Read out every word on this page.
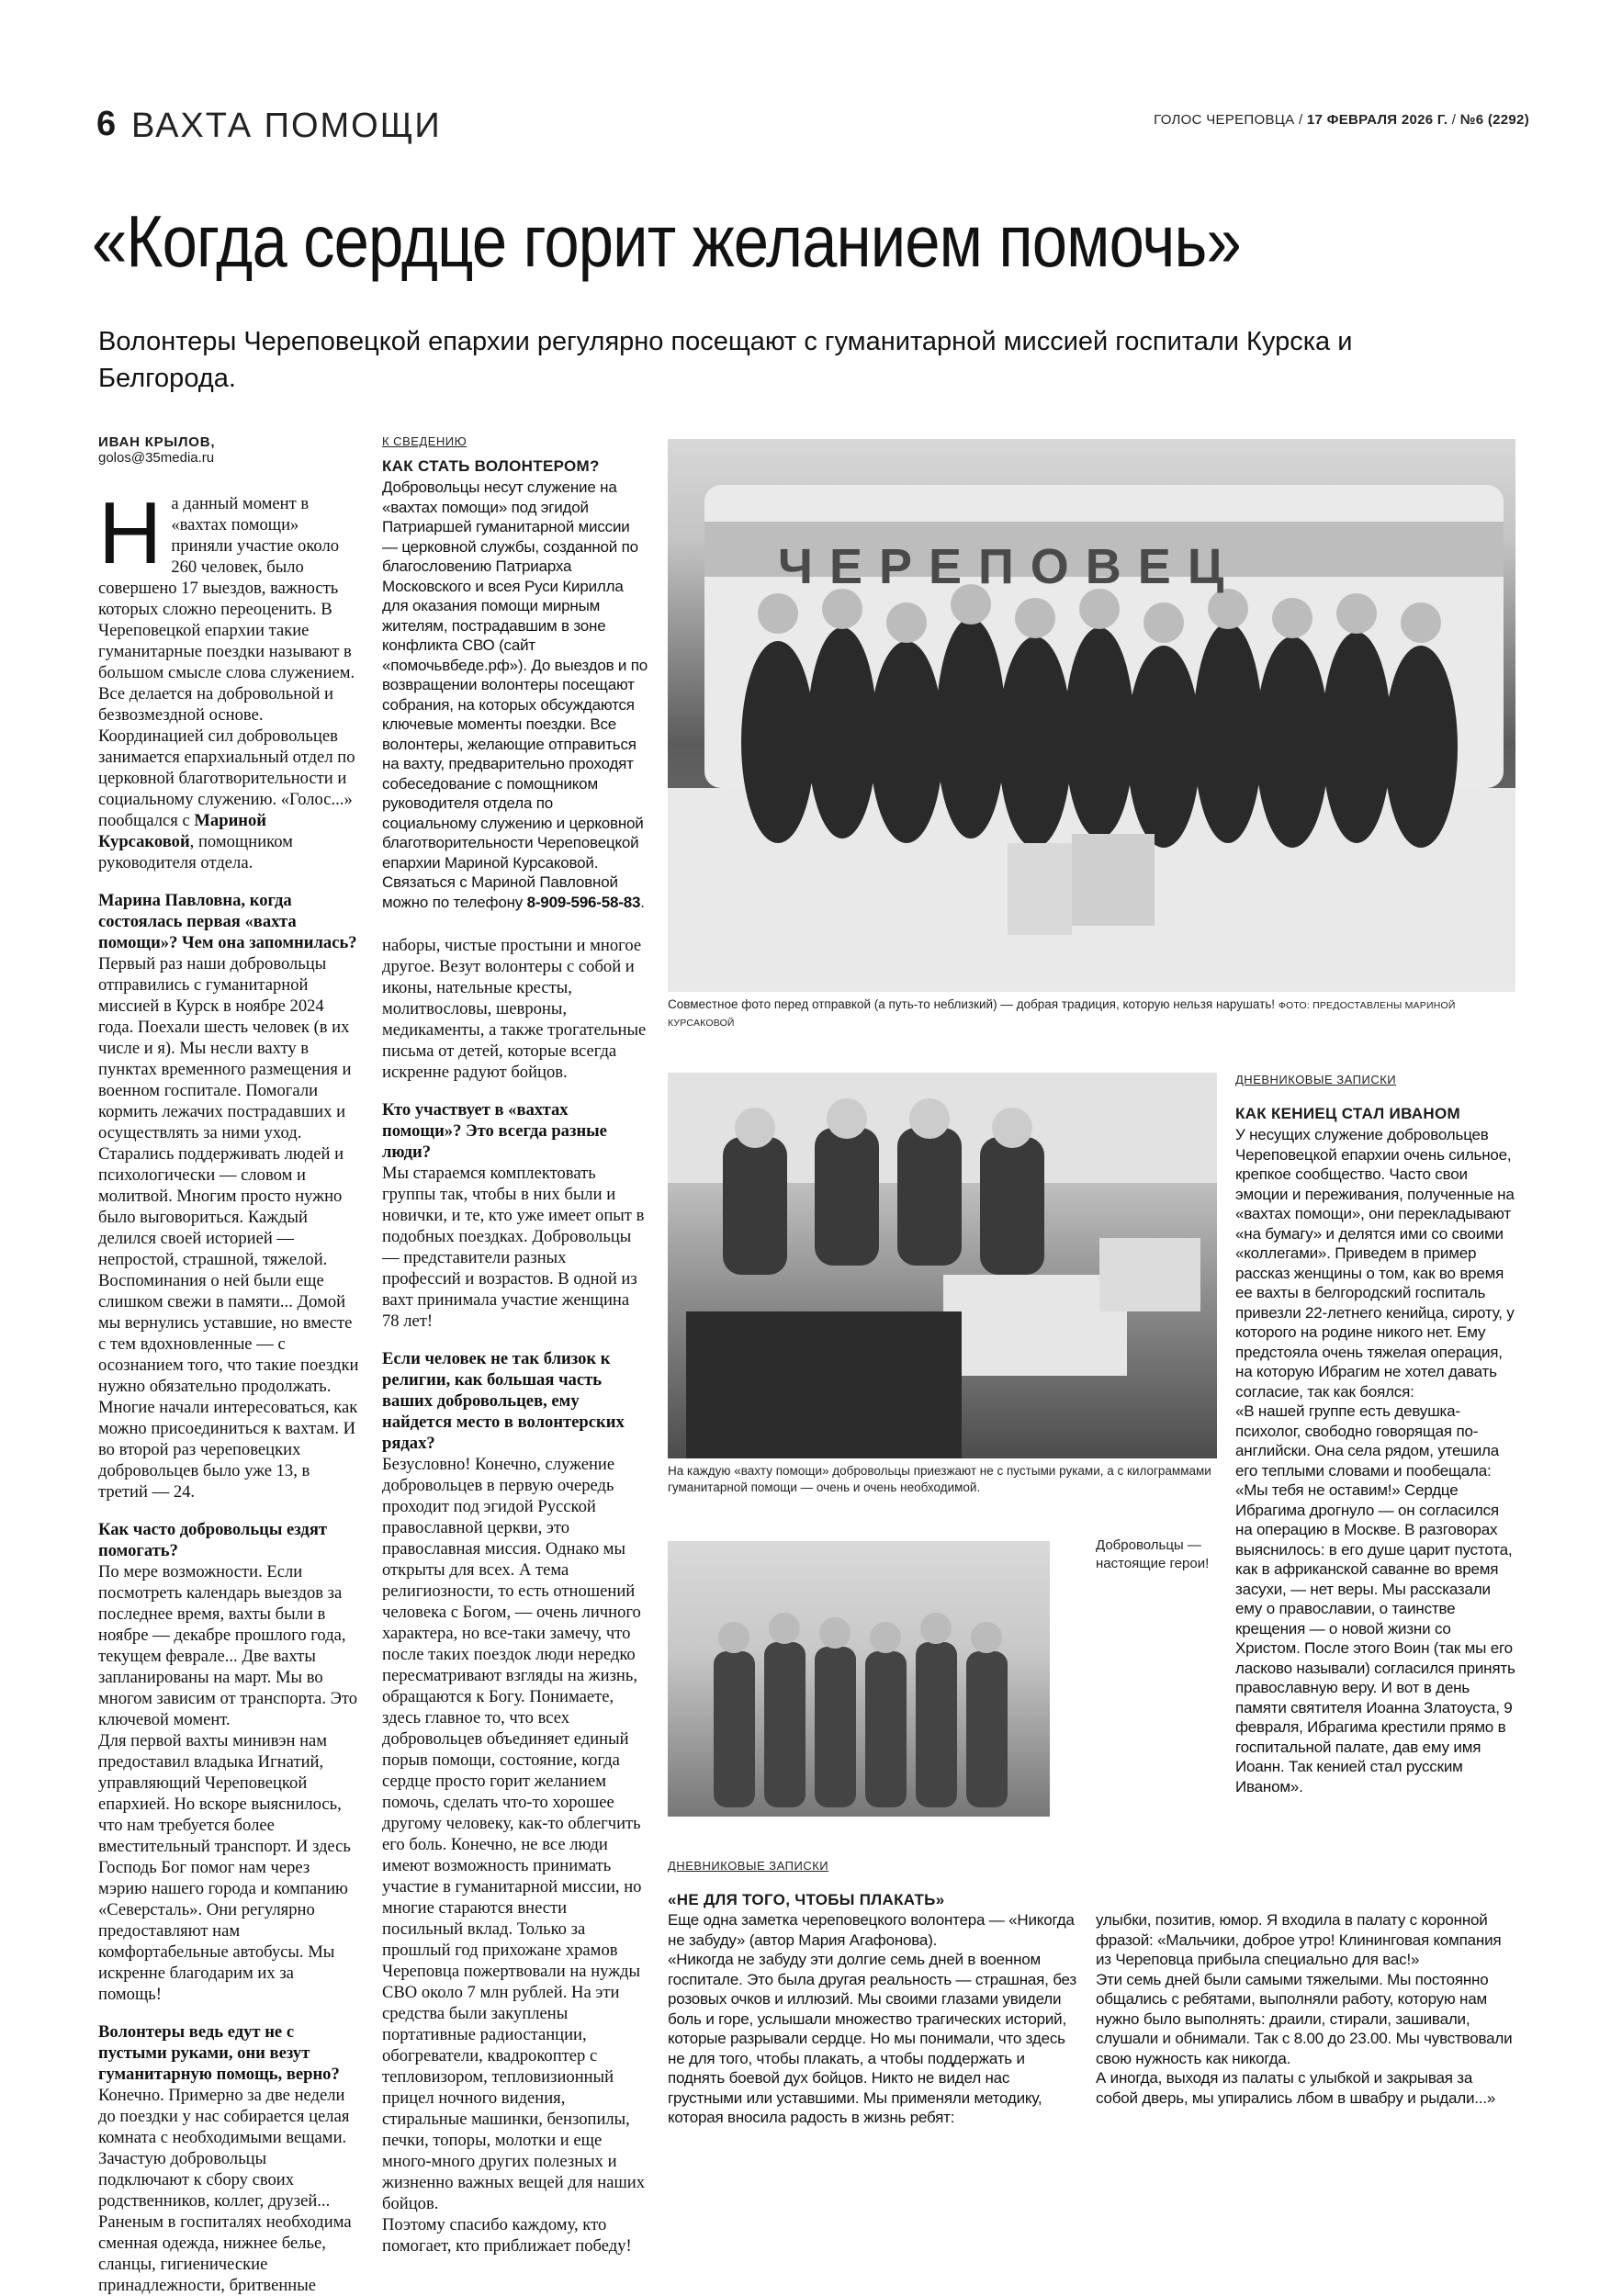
6 ВАХТА ПОМОЩИ	ГОЛОС ЧЕРЕПОВЦА / 17 ФЕВРАЛЯ 2026 Г. / №6 (2292)
«Когда сердце горит желанием помочь»

Волонтеры Череповецкой епархии регулярно посещают с гуманитарной миссией госпитали Курска и Белгорода.

ИВАН КРЫЛОВ,
golos@35media.ru

На данный момент в «вахтах помощи» приняли участие около 260 человек, было совершено 17 выездов, важность которых сложно переоценить. В Череповецкой епархии такие гуманитарные поездки называют в большом смысле слова служением. Все делается на добровольной и безвозмездной основе. Координацией сил добровольцев занимается епархиальный отдел по церковной благотворительности и социальному служению. «Голос...» пообщался с Мариной Курсаковой, помощником руководителя отдела.

Марина Павловна, когда состоялась первая «вахта помощи»? Чем она запомнилась?

Первый раз наши добровольцы отправились с гуманитарной миссией в Курск в ноябре 2024 года. Поехали шесть человек (в их числе и я). Мы несли вахту в пунктах временного размещения и военном госпитале. Помогали кормить лежачих пострадавших и осуществлять за ними уход. Старались поддерживать людей и психологически — словом и молитвой. Многим просто нужно было выговориться. Каждый делился своей историей — непростой, страшной, тяжелой. Воспоминания о ней были еще слишком свежи в памяти... Домой мы вернулись уставшие, но вместе с тем вдохновленные — с осознанием того, что такие поездки нужно обязательно продолжать. Многие начали интересоваться, как можно присоединиться к вахтам. И во второй раз череповецких добровольцев было уже 13, в третий — 24.

Как часто добровольцы ездят помогать?

По мере возможности. Если посмотреть календарь выездов за последнее время, вахты были в ноябре — декабре прошлого года, текущем феврале... Две вахты запланированы на март. Мы во многом зависим от транспорта. Это ключевой момент.

Для первой вахты минивэн нам предоставил владыка Игнатий, управляющий Череповецкой епархией. Но вскоре выяснилось, что нам требуется более вместительный транспорт. И здесь Господь Бог помог нам через мэрию нашего города и компанию «Северсталь». Они регулярно предоставляют нам комфортабельные автобусы. Мы искренне благодарим их за помощь!

Волонтеры ведь едут не с пустыми руками, они везут гуманитарную помощь, верно?

Конечно. Примерно за две недели до поездки у нас собирается целая комната с необходимыми вещами. Зачастую добровольцы подключают к сбору своих родственников, коллег, друзей... Раненым в госпиталях необходима сменная одежда, нижнее белье, сланцы, гигиенические принадлежности, бритвенные

К СВЕДЕНИЮ
КАК СТАТЬ ВОЛОНТЕРОМ?

Добровольцы несут служение на «вахтах помощи» под эгидой Патриаршей гуманитарной миссии — церковной службы, созданной по благословению Патриарха Московского и всея Руси Кирилла для оказания помощи мирным жителям, пострадавшим в зоне конфликта СВО (сайт «помочьвбеде.рф»). До выездов и по возвращении волонтеры посещают собрания, на которых обсуждаются ключевые моменты поездки. Все волонтеры, желающие отправиться на вахту, предварительно проходят собеседование с помощником руководителя отдела по социальному служению и церковной благотворительности Череповецкой епархии Мариной Курсаковой. Связаться с Мариной Павловной можно по телефону 8-909-596-58-83.

наборы, чистые простыни и многое другое. Везут волонтеры с собой и иконы, нательные кресты, молитвословы, шевроны, медикаменты, а также трогательные письма от детей, которые всегда искренне радуют бойцов.

Кто участвует в «вахтах помощи»? Это всегда разные люди?

Мы стараемся комплектовать группы так, чтобы в них были и новички, и те, кто уже имеет опыт в подобных поездках. Добровольцы — представители разных профессий и возрастов. В одной из вахт принимала участие женщина 78 лет!

Если человек не так близок к религии, как большая часть ваших добровольцев, ему найдется место в волонтерских рядах?

Безусловно! Конечно, служение добровольцев в первую очередь проходит под эгидой Русской православной церкви, это православная миссия. Однако мы открыты для всех. А тема религиозности, то есть отношений человека с Богом, — очень личного характера, но все-таки замечу, что после таких поездок люди нередко пересматривают взгляды на жизнь, обращаются к Богу. Понимаете, здесь главное то, что всех добровольцев объединяет единый порыв помощи, состояние, когда сердце просто горит желанием помочь, сделать что-то хорошее другому человеку, как-то облегчить его боль. Конечно, не все люди имеют возможность принимать участие в гуманитарной миссии, но многие стараются внести посильный вклад. Только за прошлый год прихожане храмов Череповца пожертвовали на нужды СВО около 7 млн рублей. На эти средства были закуплены портативные радиостанции, обогреватели, квадрокоптер с тепловизором, тепловизионный прицел ночного видения, стиральные машинки, бензопилы, печки, топоры, молотки и еще много-много других полезных и жизненно важных вещей для наших бойцов.

Поэтому спасибо каждому, кто помогает, кто приближает победу!

ЧЕРЕПОВЕЦ
Совместное фото перед отправкой (а путь-то неблизкий) — добрая традиция, которую нельзя нарушать! ФОТО: ПРЕДОСТАВЛЕНЫ МАРИНОЙ КУРСАКОВОЙ
На каждую «вахту помощи» добровольцы приезжают не с пустыми руками, а с килограммами гуманитарной помощи — очень и очень необходимой.
Добровольцы — настоящие герои!
ДНЕВНИКОВЫЕ ЗАПИСКИ
КАК КЕНИЕЦ СТАЛ ИВАНОМ

У несущих служение добровольцев Череповецкой епархии очень сильное, крепкое сообщество. Часто свои эмоции и переживания, полученные на «вахтах помощи», они перекладывают «на бумагу» и делятся ими со своими «коллегами». Приведем в пример рассказ женщины о том, как во время ее вахты в белгородский госпиталь привезли 22-летнего кенийца, сироту, у которого на родине никого нет. Ему предстояла очень тяжелая операция, на которую Ибрагим не хотел давать согласие, так как боялся:

«В нашей группе есть девушка-психолог, свободно говорящая по-английски. Она села рядом, утешила его теплыми словами и пообещала: «Мы тебя не оставим!» Сердце Ибрагима дрогнуло — он согласился на операцию в Москве. В разговорах выяснилось: в его душе царит пустота, как в африканской саванне во время засухи, — нет веры. Мы рассказали ему о православии, о таинстве крещения — о новой жизни со Христом. После этого Воин (так мы его ласково называли) согласился принять православную веру. И вот в день памяти святителя Иоанна Златоуста, 9 февраля, Ибрагима крестили прямо в госпитальной палате, дав ему имя Иоанн. Так кенией стал русским Иваном».

ДНЕВНИКОВЫЕ ЗАПИСКИ
«НЕ ДЛЯ ТОГО, ЧТОБЫ ПЛАКАТЬ»

Еще одна заметка череповецкого волонтера — «Никогда не забуду» (автор Мария Агафонова).

«Никогда не забуду эти долгие семь дней в военном госпитале. Это была другая реальность — страшная, без розовых очков и иллюзий. Мы своими глазами увидели боль и горе, услышали множество трагических историй, которые разрывали сердце. Но мы понимали, что здесь не для того, чтобы плакать, а чтобы поддержать и поднять боевой дух бойцов. Никто не видел нас грустными или уставшими. Мы применяли методику, которая вносила радость в жизнь ребят:

улыбки, позитив, юмор. Я входила в палату с коронной фразой: «Мальчики, доброе утро! Клининговая компания из Череповца прибыла специально для вас!»

Эти семь дней были самыми тяжелыми. Мы постоянно общались с ребятами, выполняли работу, которую нам нужно было выполнять: драили, стирали, зашивали, слушали и обнимали. Так с 8.00 до 23.00. Мы чувствовали свою нужность как никогда.

А иногда, выходя из палаты с улыбкой и закрывая за собой дверь, мы упирались лбом в швабру и рыдали...»
